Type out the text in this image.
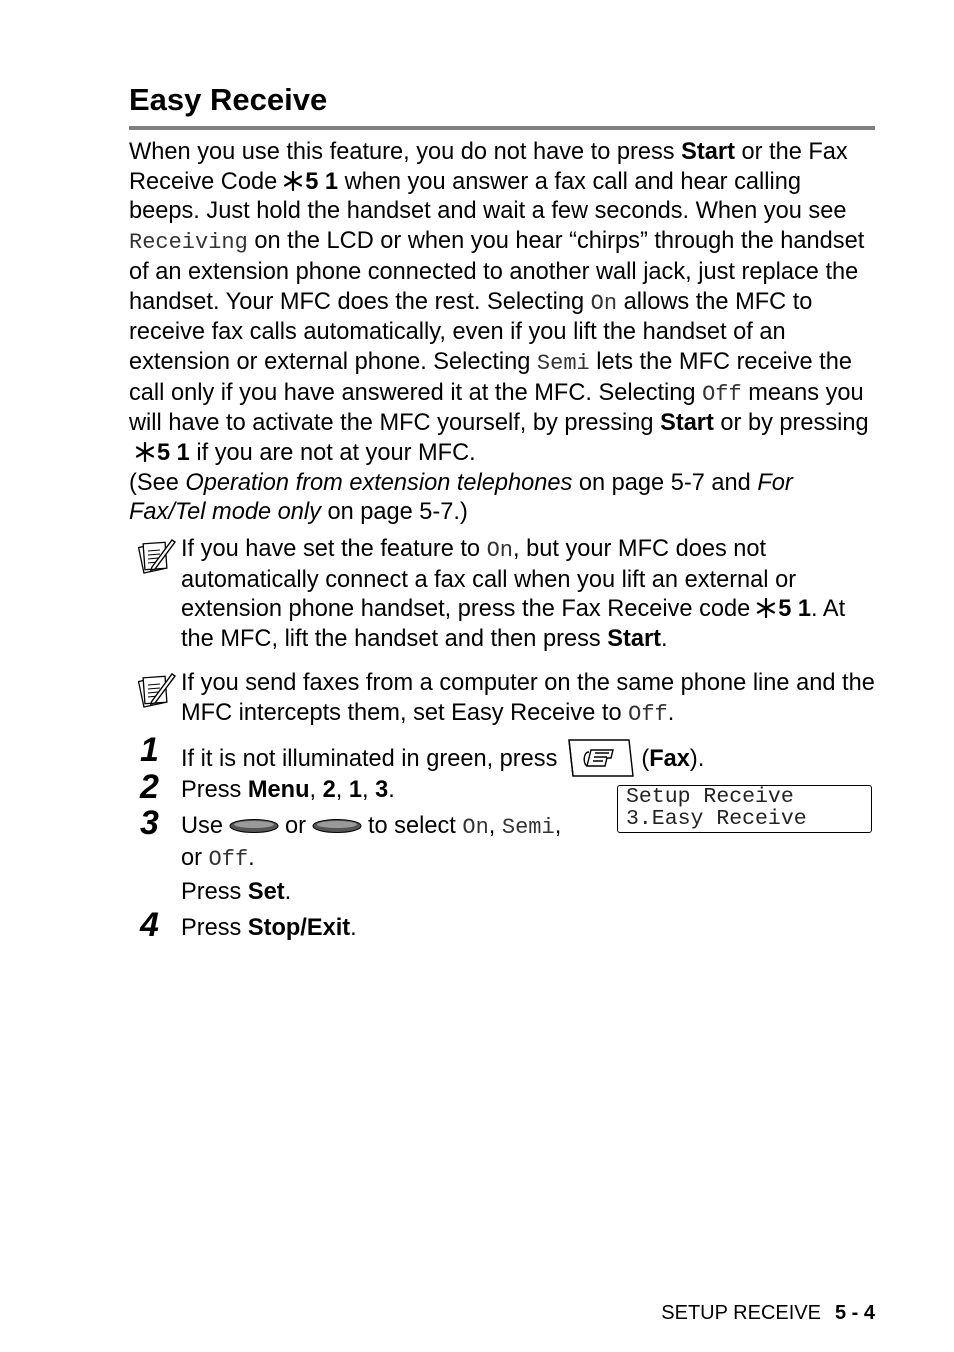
Easy Receive

When you use this feature, you do not have to press Start or the Fax Receive Code 5 1 when you answer a fax call and hear calling beeps. Just hold the handset and wait a few seconds. When you see Receiving on the LCD or when you hear “chirps” through the handset of an extension phone connected to another wall jack, just replace the handset. Your MFC does the rest. Selecting On allows the MFC to receive fax calls automatically, even if you lift the handset of an extension or external phone. Selecting Semi lets the MFC receive the call only if you have answered it at the MFC. Selecting Off means you will have to activate the MFC yourself, by pressing Start or by pressing5 1 if you are not at your MFC.
(See Operation from extension telephones on page 5-7 and For Fax/Tel mode only on page 5-7.)

If you have set the feature to On, but your MFC does not automatically connect a fax call when you lift an external or extension phone handset, press the Fax Receive code 5 1. At the MFC, lift the handset and then press Start.
If you send faxes from a computer on the same phone line and the MFC intercepts them, set Easy Receive to Off.
1 If it is not illuminated in green, press	(Fax).
2 Press Menu, 2, 1, 3.
3 Use	or	to select On, Semi,
or Off.
Press Set.
4 Press Stop/Exit.
Setup Receive
3.Easy Receive
SETUP RECEIVE 5 - 4
